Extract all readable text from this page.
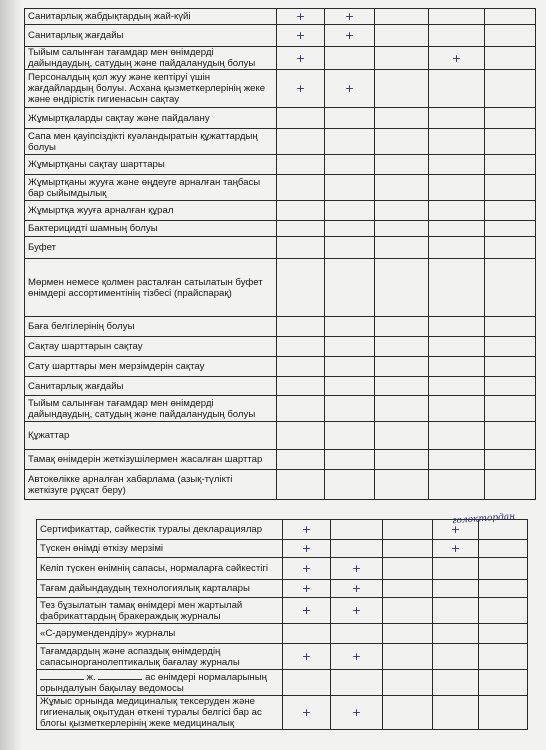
Санитарлық жабдықтардың жай-күйі	+	+			
Санитарлық жағдайы	+	+			
Тыйым салынған тағамдар мен өнімдерді дайындаудың, сатудың және пайдаланудың болуы	+			+	
Персоналдың қол жуу және кептіруі үшін жағдайлардың болуы. Асхана қызметкерлерінің жеке және өндірістік гигиенасын сақтау	+	+			
Жұмыртқаларды сақтау және пайдалану					
Сапа мен қауіпсіздікті куәландыратын құжаттардың болуы					
Жұмыртқаны сақтау шарттары					
Жұмыртқаны жууға және өңдеуге арналған таңбасы бар сыйымдылық					
Жұмыртқа жууға арналған құрал					
Бактерицидті шамның болуы					
Буфет					
Мөрмен немесе қолмен расталған сатылатын буфет өнімдері ассортиментінің тізбесі (прайспарақ)					
Баға белгілерінің болуы					
Сақтау шарттарын сақтау					
Сату шарттары мен мерзімдерін сақтау					
Санитарлық жағдайы					
Тыйым салынған тағамдар мен өнімдерді дайындаудың, сатудың және пайдаланудың болуы					
Құжаттар					
Тамақ өнімдерін жеткізушілермен жасалған шарттар					
Автокөлікке арналған хабарлама (азық-түлікті жеткізуге рұқсат беру)					
Сертификаттар, сәйкестік туралы декларациялар	+			+	
Түскен өнімді өткізу мерзімі	+			+	
Келіп түскен өнімнің сапасы, нормаларға сәйкестігі	+	+			
Тағам дайындаудың технологиялық карталары	+	+			
Тез бұзылатын тамақ өнімдері мен жартылай фабрикаттардың бракераждық журналы	+	+			
«С-дәрумендендіру» журналы					
Тағамдардың және аспаздық өнімдердің сапасынорганолептикалық бағалау журналы	+	+			
ж. ас өнімдері нормаларының орындалуын бақылау ведомосы					
Жұмыс орнында медициналық тексеруден және гигиеналық оқытудан өткені туралы белгісі бар ас блогы қызметкерлерінің жеке медициналық	+	+			
голоктордан
